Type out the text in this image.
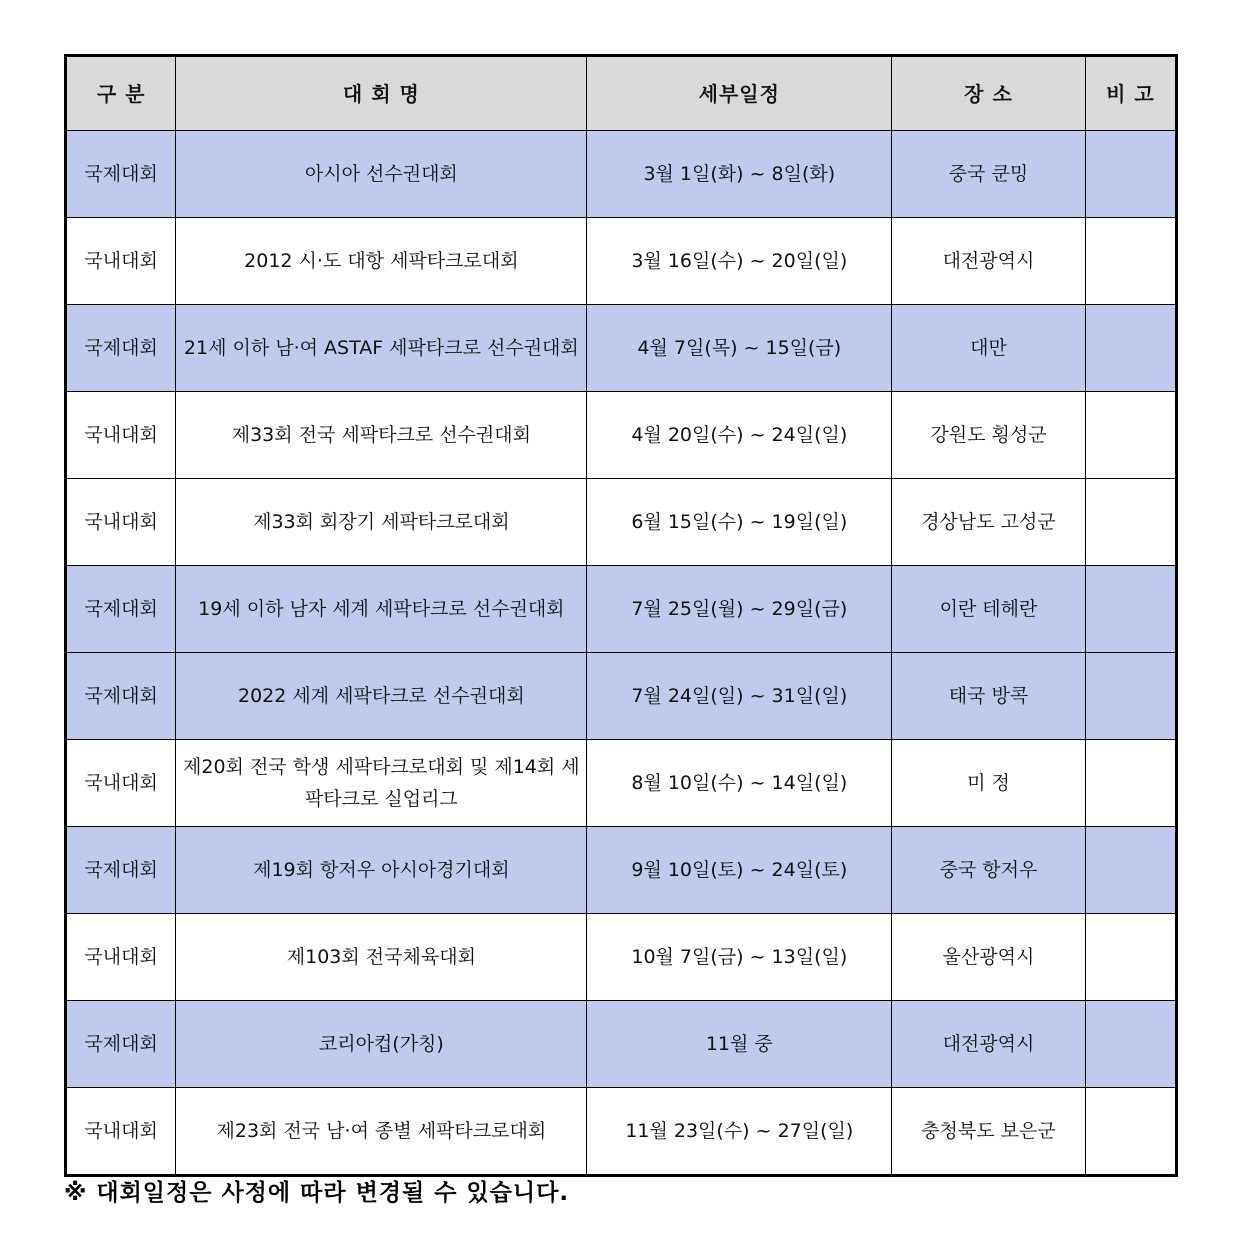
구 분	대 회 명	세부일정	장 소	비 고
국제대회	아시아 선수권대회	3월 1일(화) ~ 8일(화)	중국 쿤밍	
국내대회	2012 시·도 대항 세팍타크로대회	3월 16일(수) ~ 20일(일)	대전광역시	
국제대회	21세 이하 남·여 ASTAF 세팍타크로 선수권대회	4월 7일(목) ~ 15일(금)	대만	
국내대회	제33회 전국 세팍타크로 선수권대회	4월 20일(수) ~ 24일(일)	강원도 횡성군	
국내대회	제33회 회장기 세팍타크로대회	6월 15일(수) ~ 19일(일)	경상남도 고성군	
국제대회	19세 이하 남자 세계 세팍타크로 선수권대회	7월 25일(월) ~ 29일(금)	이란 테헤란	
국제대회	2022 세계 세팍타크로 선수권대회	7월 24일(일) ~ 31일(일)	태국 방콕	
국내대회	제20회 전국 학생 세팍타크로대회 및 제14회 세팍타크로 실업리그	8월 10일(수) ~ 14일(일)	미 정	
국제대회	제19회 항저우 아시아경기대회	9월 10일(토) ~ 24일(토)	중국 항저우	
국내대회	제103회 전국체육대회	10월 7일(금) ~ 13일(일)	울산광역시	
국제대회	코리아컵(가칭)	11월 중	대전광역시	
국내대회	제23회 전국 남·여 종별 세팍타크로대회	11월 23일(수) ~ 27일(일)	충청북도 보은군	
※ 대회일정은 사정에 따라 변경될 수 있습니다.
